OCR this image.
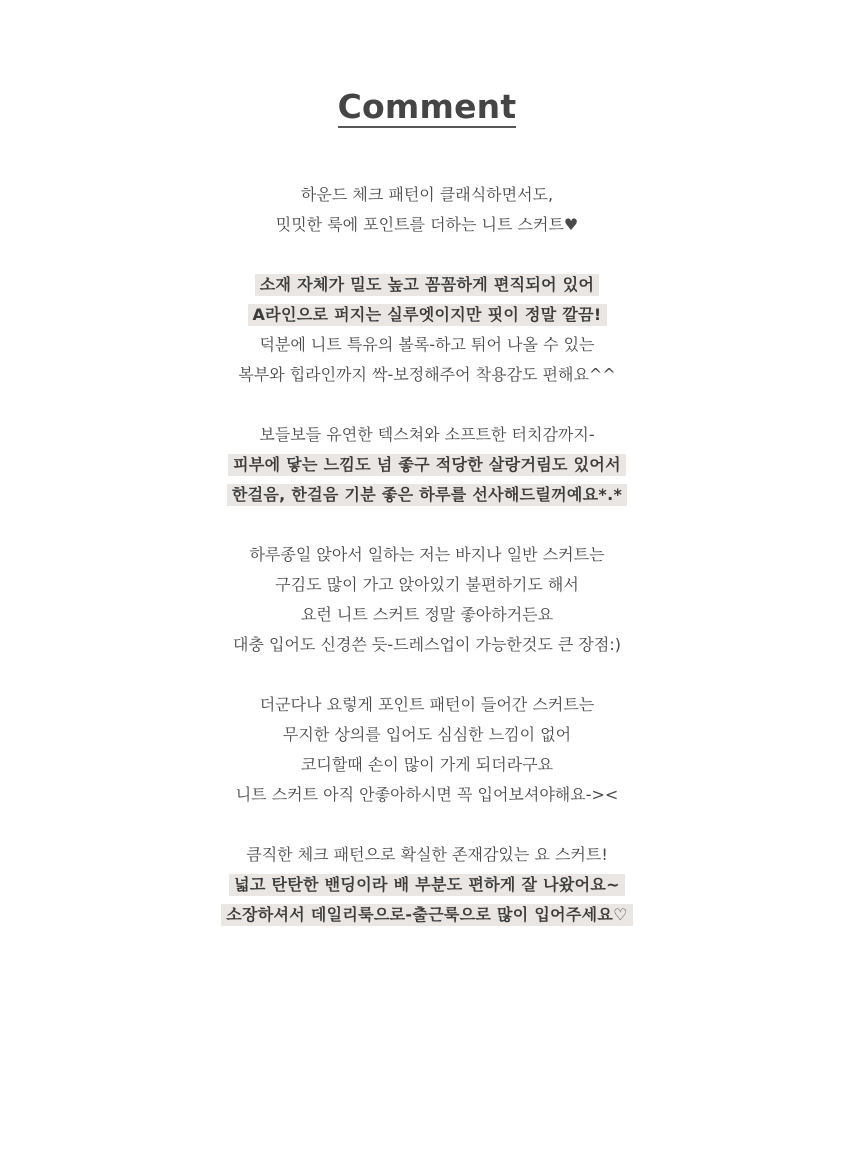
Comment
하운드 체크 패턴이 클래식하면서도,
밋밋한 룩에 포인트를 더하는 니트 스커트♥
소재 자체가 밀도 높고 꼼꼼하게 편직되어 있어
A라인으로 퍼지는 실루엣이지만 핏이 정말 깔끔!
덕분에 니트 특유의 볼록-하고 튀어 나올 수 있는
복부와 힙라인까지 싹-보정해주어 착용감도 편해요^^
보들보들 유연한 텍스쳐와 소프트한 터치감까지-
피부에 닿는 느낌도 넘 좋구 적당한 살랑거림도 있어서
한걸음, 한걸음 기분 좋은 하루를 선사해드릴꺼예요*.*
하루종일 앉아서 일하는 저는 바지나 일반 스커트는
구김도 많이 가고 앉아있기 불편하기도 해서
요런 니트 스커트 정말 좋아하거든요
대충 입어도 신경쓴 듯-드레스업이 가능한것도 큰 장점:)
더군다나 요렇게 포인트 패턴이 들어간 스커트는
무지한 상의를 입어도 심심한 느낌이 없어
코디할때 손이 많이 가게 되더라구요
니트 스커트 아직 안좋아하시면 꼭 입어보셔야해요-><
큼직한 체크 패턴으로 확실한 존재감있는 요 스커트!
넓고 탄탄한 밴딩이라 배 부분도 편하게 잘 나왔어요~
소장하셔서 데일리룩으로-출근룩으로 많이 입어주세요♡
